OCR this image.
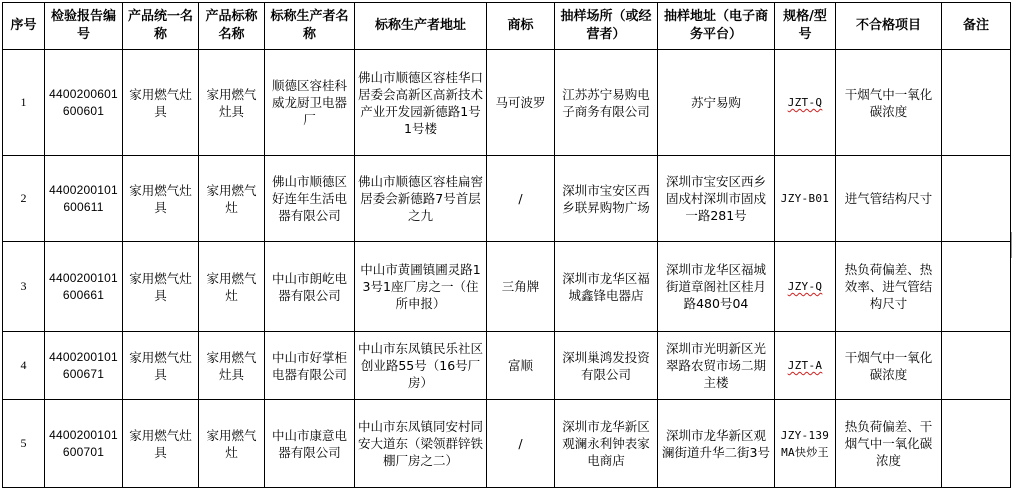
序号	检验报告编号	产品统一名称	产品标称名称	标称生产者名称	标称生产者地址	商标	抽样场所（或经营者）	抽样地址（电子商务平台）	规格/型号	不合格项目	备注
1	4400200601600601	家用燃气灶具	家用燃气灶具	顺德区容桂科威龙厨卫电器厂	佛山市顺德区容桂华口居委会高新区高新技术产业开发园新德路1号1号楼	马可波罗	江苏苏宁易购电子商务有限公司	苏宁易购	JZT-Q	干烟气中一氧化碳浓度	
2	4400200101600611	家用燃气灶具	家用燃气灶	佛山市顺德区好连年生活电器有限公司	佛山市顺德区容桂扁窖居委会新德路7号首层之九	/	深圳市宝安区西乡联昇购物广场	深圳市宝安区西乡固戍村深圳市固戍一路281号	JZY-B01	进气管结构尺寸	
3	4400200101600661	家用燃气灶具	家用燃气灶	中山市朗屹电器有限公司	中山市黄圃镇圃灵路13号1座厂房之一（住所申报）	三角牌	深圳市龙华区福城鑫锋电器店	深圳市龙华区福城街道章阁社区桂月路480号04	JZY-Q	热负荷偏差、热效率、进气管结构尺寸	
4	4400200101600671	家用燃气灶具	家用燃气灶具	中山市好掌柜电器有限公司	中山市东凤镇民乐社区创业路55号（16号厂房）	富顺	深圳巢鸿发投资有限公司	深圳市光明新区光翠路农贸市场二期主楼	JZT-A	干烟气中一氧化碳浓度	
5	4400200101600701	家用燃气灶具	家用燃气灶	中山市康意电器有限公司	中山市东凤镇同安村同安大道东（梁领群锌铁棚厂房之二）	/	深圳市龙华新区观澜永利钟表家电商店	深圳市龙华新区观澜街道升华二街3号	JZY-139MA快炒王	热负荷偏差、干烟气中一氧化碳浓度	
